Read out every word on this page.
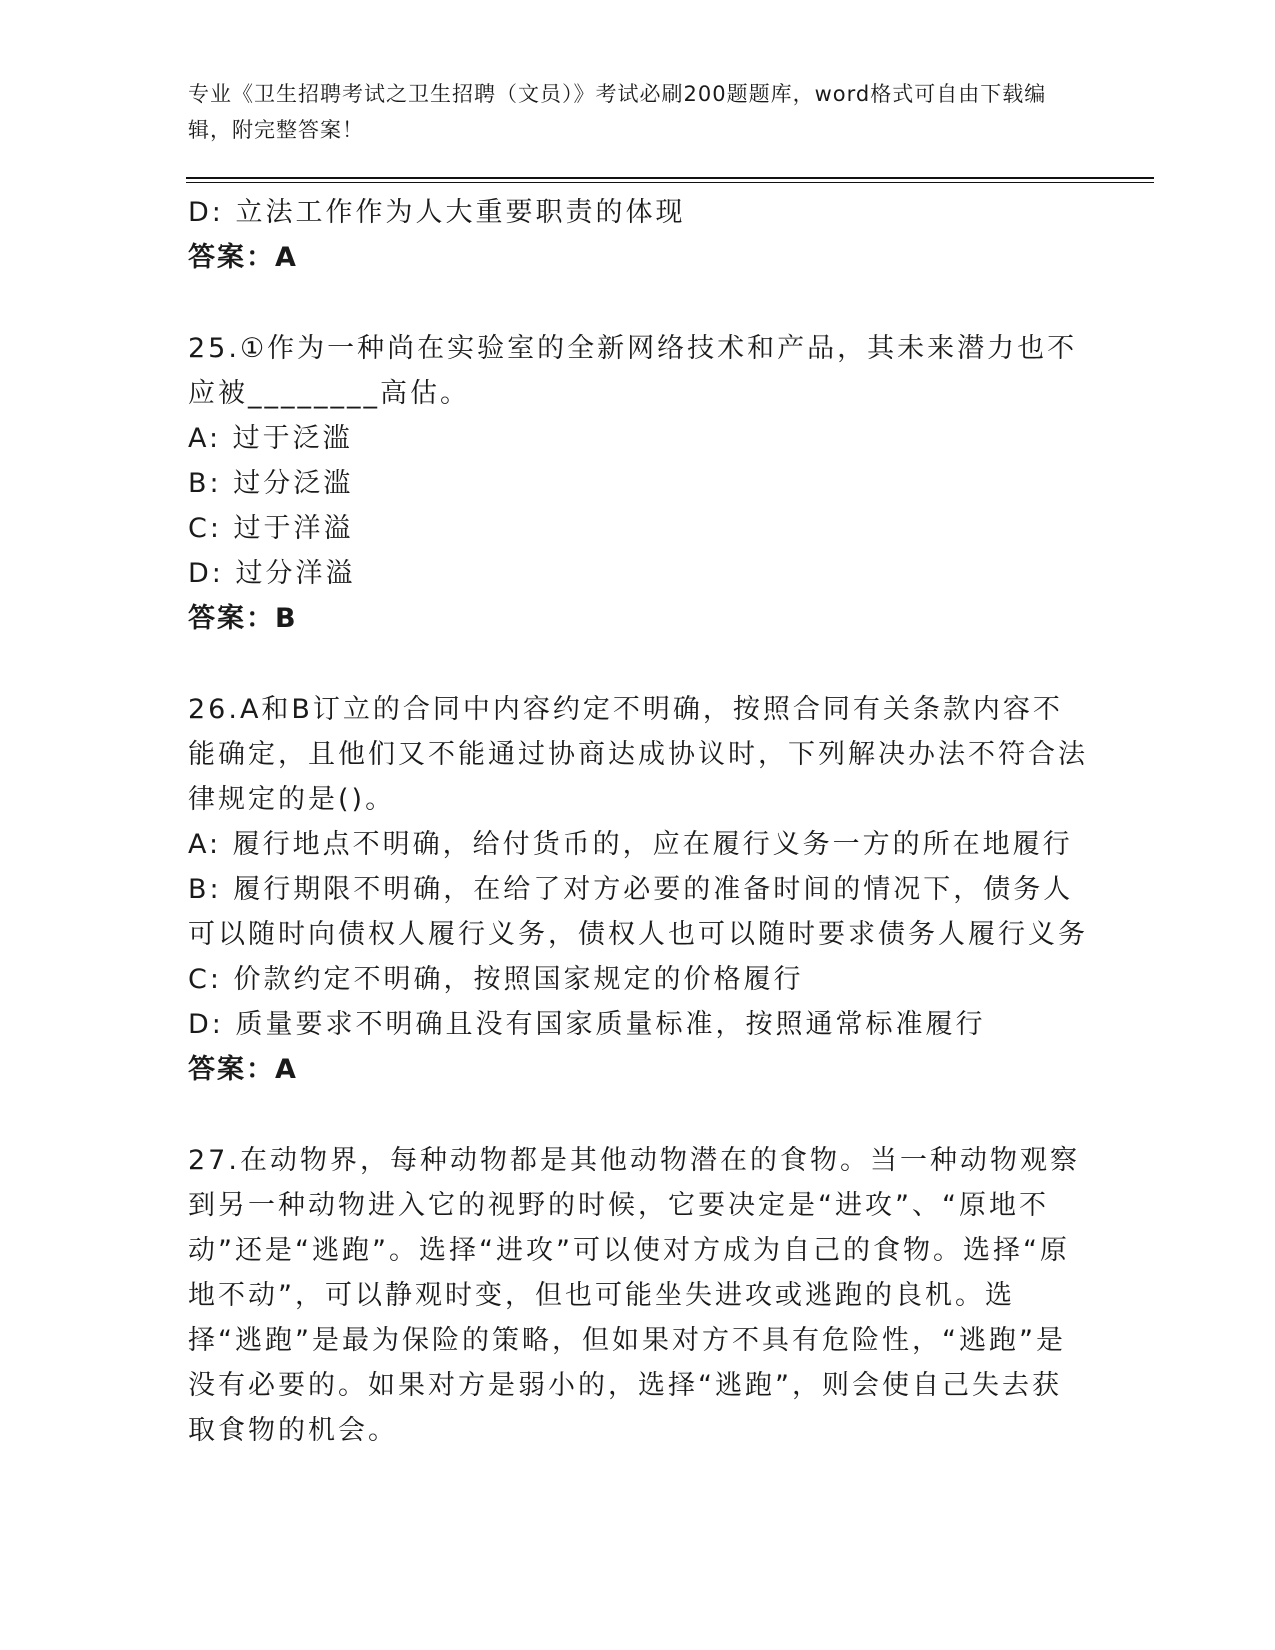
专业《卫生招聘考试之卫生招聘（文员）》考试必刷200题题库，word格式可自由下载编辑，附完整答案！

D: 立法工作作为人大重要职责的体现

答案：A

25.①作为一种尚在实验室的全新网络技术和产品，其未来潜力也不应被________高估。

A: 过于泛滥

B: 过分泛滥

C: 过于洋溢

D: 过分洋溢

答案：B

26.A和B订立的合同中内容约定不明确，按照合同有关条款内容不能确定，且他们又不能通过协商达成协议时，下列解决办法不符合法律规定的是()。

A: 履行地点不明确，给付货币的，应在履行义务一方的所在地履行

B: 履行期限不明确，在给了对方必要的准备时间的情况下，债务人可以随时向债权人履行义务，债权人也可以随时要求债务人履行义务

C: 价款约定不明确，按照国家规定的价格履行

D: 质量要求不明确且没有国家质量标准，按照通常标准履行

答案：A

27.在动物界，每种动物都是其他动物潜在的食物。当一种动物观察到另一种动物进入它的视野的时候，它要决定是“进攻”、“原地不动”还是“逃跑”。选择“进攻”可以使对方成为自己的食物。选择“原地不动”，可以静观时变，但也可能坐失进攻或逃跑的良机。选择“逃跑”是最为保险的策略，但如果对方不具有危险性，“逃跑”是没有必要的。如果对方是弱小的，选择“逃跑”，则会使自己失去获取食物的机会。
